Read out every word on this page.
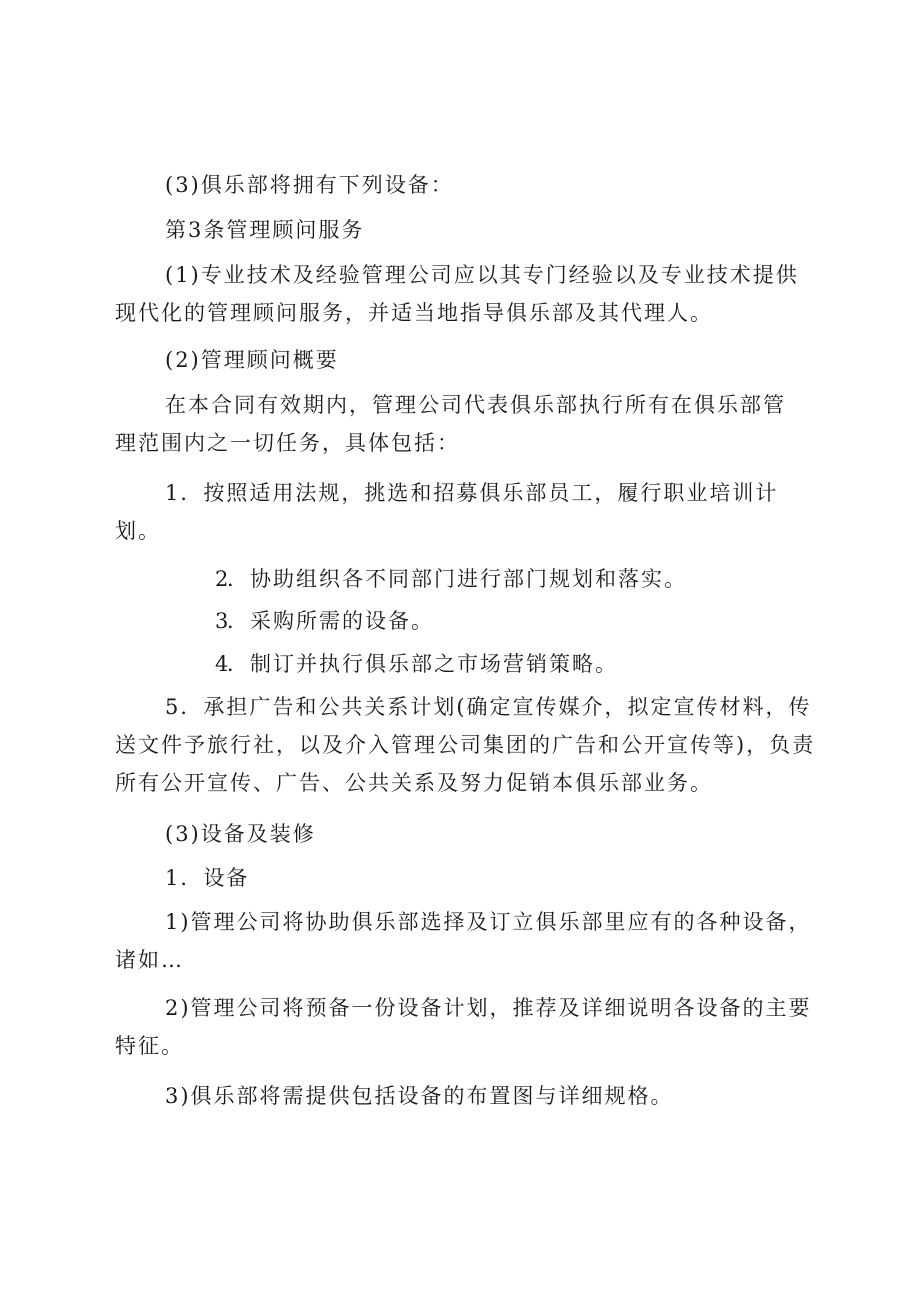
(3)俱乐部将拥有下列设备：

第3条管理顾问服务

(1)专业技术及经验管理公司应以其专门经验以及专业技术提供
现代化的管理顾问服务，并适当地指导俱乐部及其代理人。

(2)管理顾问概要

在本合同有效期内，管理公司代表俱乐部执行所有在俱乐部管
理范围内之一切任务，具体包括：

1．按照适用法规，挑选和招募俱乐部员工，履行职业培训计
划。

2．协助组织各不同部门进行部门规划和落实。

3．采购所需的设备。

4．制订并执行俱乐部之市场营销策略。

5．承担广告和公共关系计划(确定宣传媒介，拟定宣传材料，传
送文件予旅行社，以及介入管理公司集团的广告和公开宣传等)，负责
所有公开宣传、广告、公共关系及努力促销本俱乐部业务。

(3)设备及装修

1．设备

1)管理公司将协助俱乐部选择及订立俱乐部里应有的各种设备，
诸如…

2)管理公司将预备一份设备计划，推荐及详细说明各设备的主要
特征。

3)俱乐部将需提供包括设备的布置图与详细规格。
